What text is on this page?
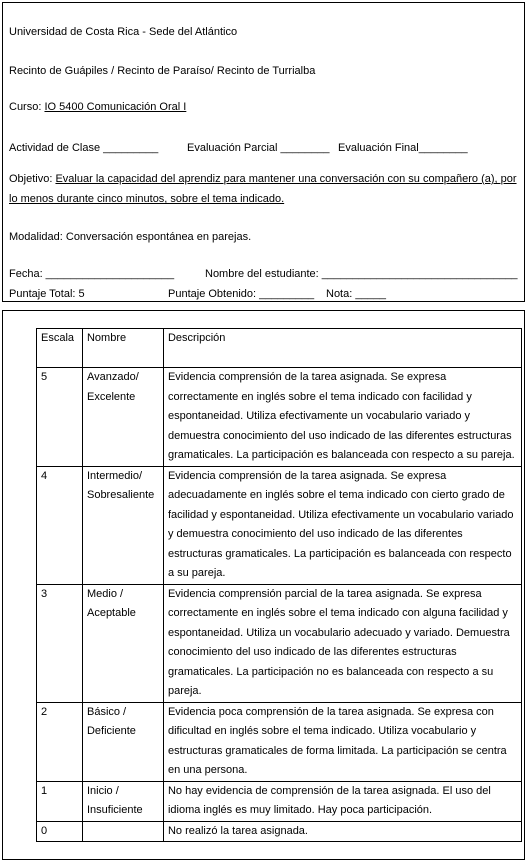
Universidad de Costa Rica - Sede del Atlántico
Recinto de Guápiles / Recinto de Paraíso/ Recinto de Turrialba
Curso: IO 5400 Comunicación Oral I
Actividad de Clase _________	Evaluación Parcial ________ Evaluación Final________
Objetivo: Evaluar la capacidad del aprendiz para mantener una conversación con su compañero (a), por lo menos durante cinco minutos, sobre el tema indicado.
Modalidad: Conversación espontánea en parejas.
Fecha: _____________________	Nombre del estudiante: ________________________________
Puntaje Total: 5	Puntaje Obtenido: _________ Nota: _____
Escala	Nombre	Descripción
5	Avanzado/ Excelente	Evidencia comprensión de la tarea asignada. Se expresa correctamente en inglés sobre el tema indicado con facilidad y espontaneidad. Utiliza efectivamente un vocabulario variado y demuestra conocimiento del uso indicado de las diferentes estructuras gramaticales. La participación es balanceada con respecto a su pareja.
4	Intermedio/ Sobresaliente	Evidencia comprensión de la tarea asignada. Se expresa adecuadamente en inglés sobre el tema indicado con cierto grado de facilidad y espontaneidad. Utiliza efectivamente un vocabulario variado y demuestra conocimiento del uso indicado de las diferentes estructuras gramaticales. La participación es balanceada con respecto a su pareja.
3	Medio / Aceptable	Evidencia comprensión parcial de la tarea asignada. Se expresa correctamente en inglés sobre el tema indicado con alguna facilidad y espontaneidad. Utiliza un vocabulario adecuado y variado. Demuestra conocimiento del uso indicado de las diferentes estructuras gramaticales. La participación no es balanceada con respecto a su pareja.
2	Básico / Deficiente	Evidencia poca comprensión de la tarea asignada. Se expresa con dificultad en inglés sobre el tema indicado. Utiliza vocabulario y estructuras gramaticales de forma limitada. La participación se centra en una persona.
1	Inicio / Insuficiente	No hay evidencia de comprensión de la tarea asignada. El uso del idioma inglés es muy limitado. Hay poca participación.
0		No realizó la tarea asignada.
